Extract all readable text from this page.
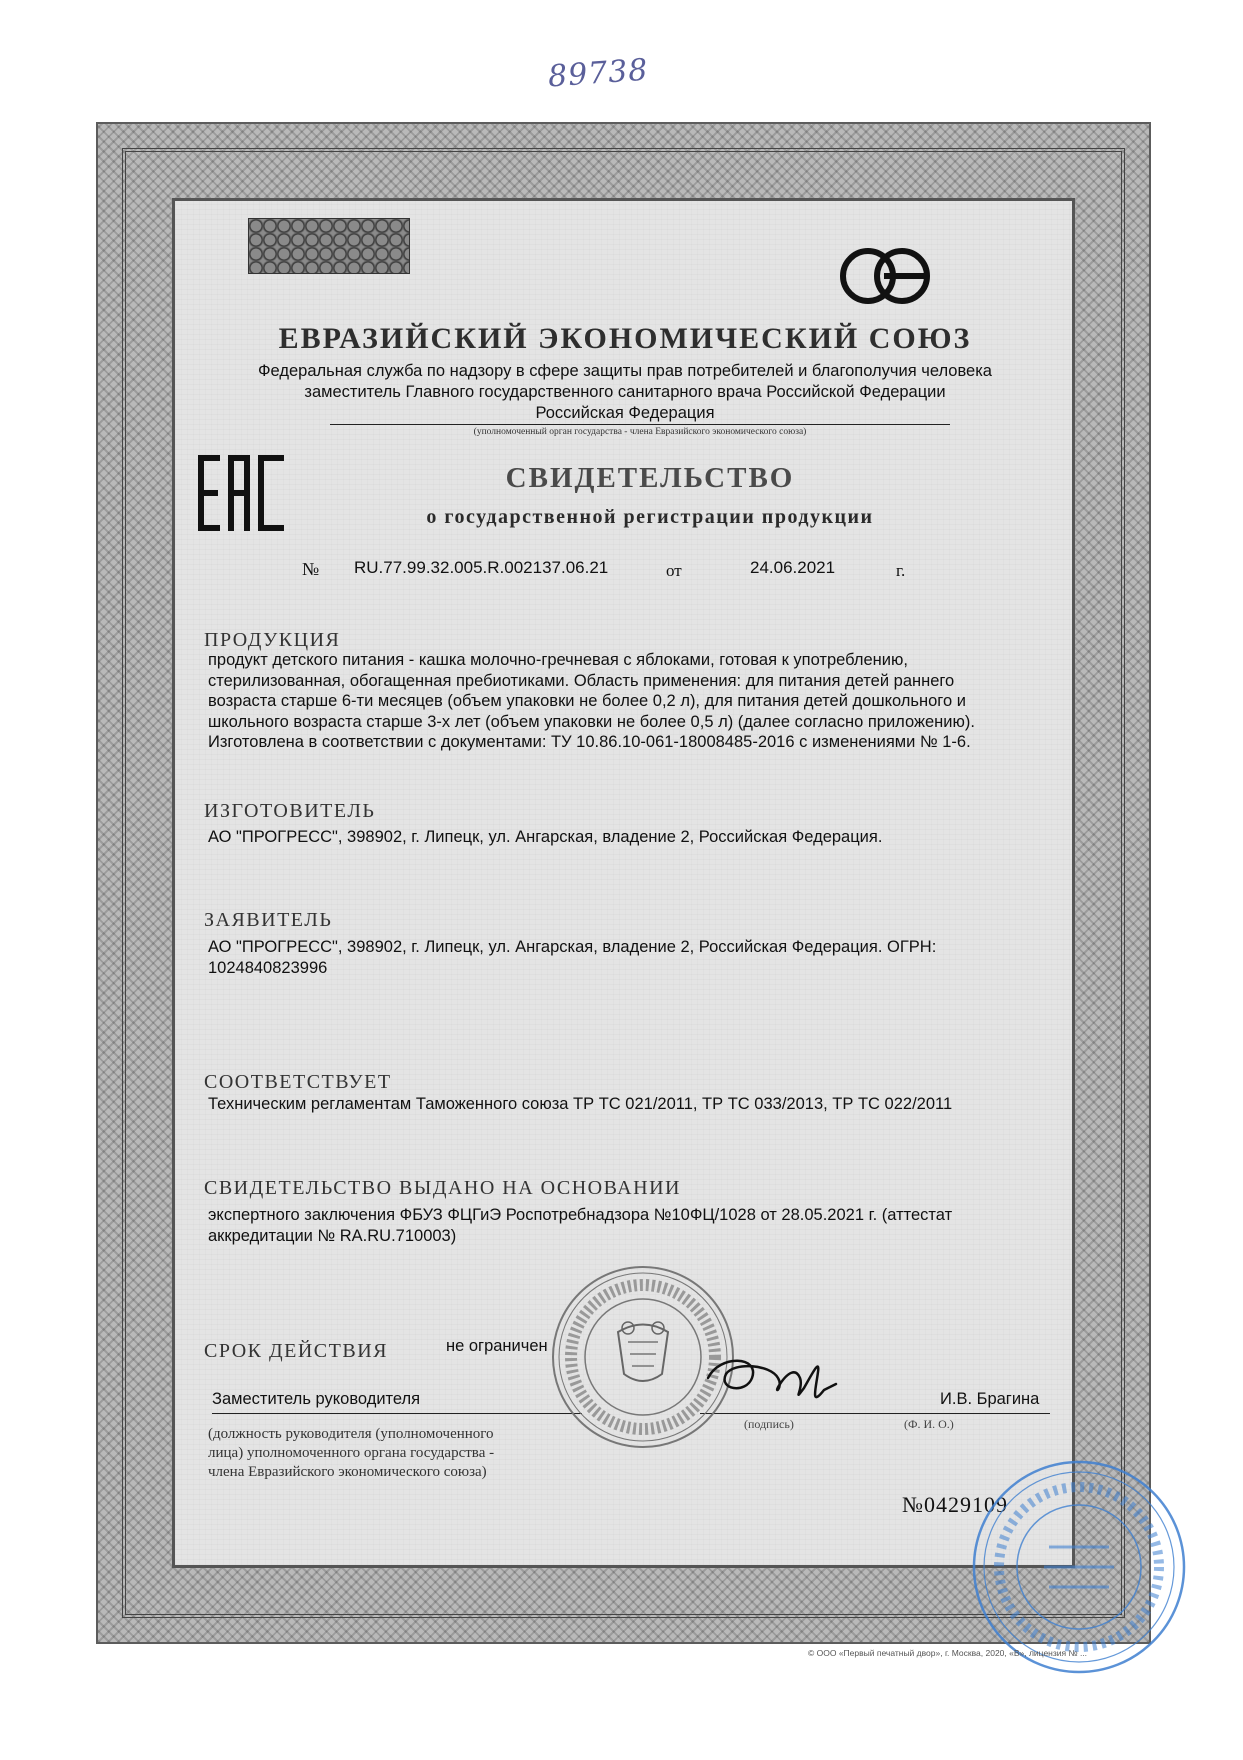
89738
ЕВРАЗИЙСКИЙ ЭКОНОМИЧЕСКИЙ СОЮЗ
Федеральная служба по надзору в сфере защиты прав потребителей и благополучия человека
заместитель Главного государственного санитарного врача Российской Федерации
Российская Федерация
(уполномоченный орган государства - члена Евразийского экономического союза)
СВИДЕТЕЛЬСТВО
о государственной регистрации продукции
№ RU.77.99.32.005.R.002137.06.21	от	24.06.2021	г.
ПРОДУКЦИЯ
продукт детского питания - кашка молочно-гречневая с яблоками, готовая к употреблению,
стерилизованная, обогащенная пребиотиками. Область применения: для питания детей раннего
возраста старше 6-ти месяцев (объем упаковки не более 0,2 л), для питания детей дошкольного и
школьного возраста старше 3-х лет (объем упаковки не более 0,5 л) (далее согласно приложению).
Изготовлена в соответствии с документами: ТУ 10.86.10-061-18008485-2016 с изменениями № 1-6.
ИЗГОТОВИТЕЛЬ
АО "ПРОГРЕСС", 398902, г. Липецк, ул. Ангарская, владение 2, Российская Федерация.
ЗАЯВИТЕЛЬ
АО "ПРОГРЕСС", 398902, г. Липецк, ул. Ангарская, владение 2, Российская Федерация. ОГРН:
1024840823996
СООТВЕТСТВУЕТ
Техническим регламентам Таможенного союза ТР ТС 021/2011, ТР ТС 033/2013, ТР ТС 022/2011
СВИДЕТЕЛЬСТВО ВЫДАНО НА ОСНОВАНИИ
экспертного заключения ФБУЗ ФЦГиЭ Роспотребнадзора №10ФЦ/1028 от 28.05.2021 г. (аттестат
аккредитации № RA.RU.710003)
СРОК ДЕЙСТВИЯ	не ограничен
Заместитель руководителя	И.В. Брагина
(подпись)	(Ф. И. О.)
(должность руководителя (уполномоченного
лица) уполномоченного органа государства -
члена Евразийского экономического союза)
№0429109
© ООО «Первый печатный двор», г. Москва, 2020, «В», лицензия № ...
